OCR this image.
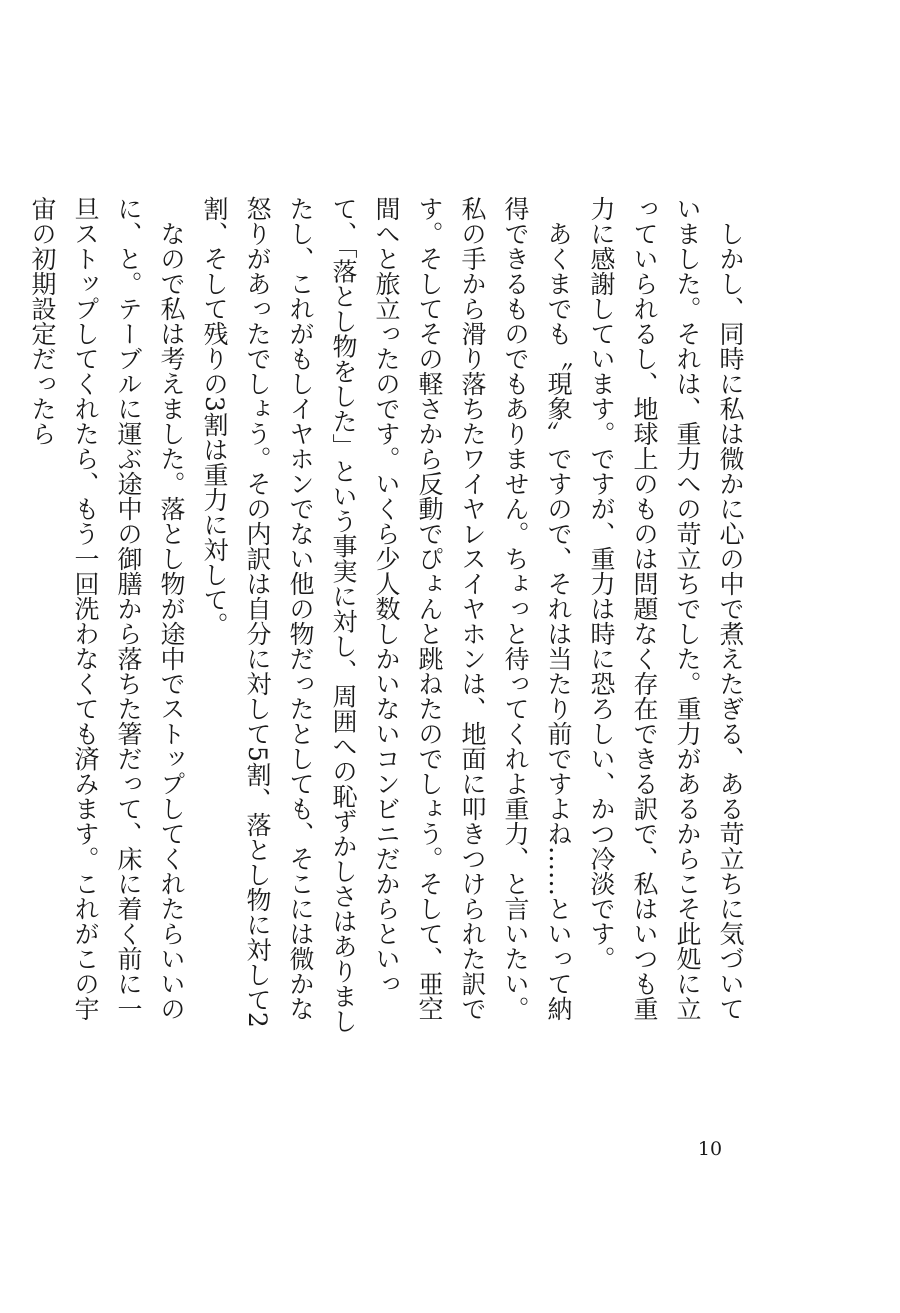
しかし、同時に私は微かに心の中で煮えたぎる、ある苛立ちに気づいていました。それは、重力への苛立ちでした。重力があるからこそ此処に立っていられるし、地球上のものは問題なく存在できる訳で、私はいつも重力に感謝しています。ですが、重力は時に恐ろしい、かつ冷淡です。

あくまでも〝現象〟ですので、それは当たり前ですよね……といって納得できるものでもありません。ちょっと待ってくれよ重力、と言いたい。私の手から滑り落ちたワイヤレスイヤホンは、地面に叩きつけられた訳です。そしてその軽さから反動でぴょんと跳ねたのでしょう。そして、亜空間へと旅立ったのです。いくら少人数しかいないコンビニだからといって、「落とし物をした」という事実に対し、周囲への恥ずかしさはありましたし、これがもしイヤホンでない他の物だったとしても、そこには微かな怒りがあったでしょう。その内訳は自分に対して5割、落とし物に対して2割、そして残りの3割は重力に対して。

なので私は考えました。落とし物が途中でストップしてくれたらいいのに、と。テーブルに運ぶ途中の御膳から落ちた箸だって、床に着く前に一旦ストップしてくれたら、もう一回洗わなくても済みます。これがこの宇宙の初期設定だったら

10
